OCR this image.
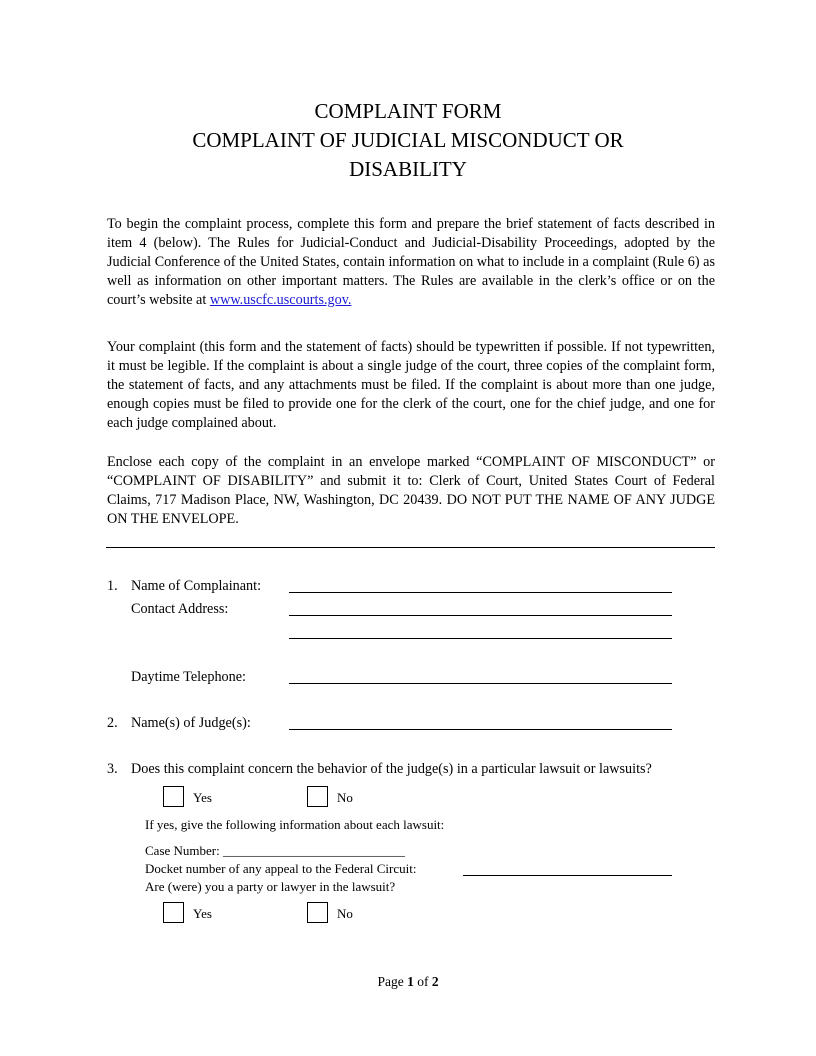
COMPLAINT FORM
COMPLAINT OF JUDICIAL MISCONDUCT OR
DISABILITY
To begin the complaint process, complete this form and prepare the brief statement of facts described in item 4 (below). The Rules for Judicial-Conduct and Judicial-Disability Proceedings, adopted by the Judicial Conference of the United States, contain information on what to include in a complaint (Rule 6) as well as information on other important matters. The Rules are available in the clerk’s office or on the court’s website at www.uscfc.uscourts.gov.
Your complaint (this form and the statement of facts) should be typewritten if possible. If not typewritten, it must be legible. If the complaint is about a single judge of the court, three copies of the complaint form, the statement of facts, and any attachments must be filed. If the complaint is about more than one judge, enough copies must be filed to provide one for the clerk of the court, one for the chief judge, and one for each judge complained about.
Enclose each copy of the complaint in an envelope marked “COMPLAINT OF MISCONDUCT” or “COMPLAINT OF DISABILITY” and submit it to: Clerk of Court, United States Court of Federal Claims, 717 Madison Place, NW, Washington, DC 20439. DO NOT PUT THE NAME OF ANY JUDGE ON THE ENVELOPE.
1. Name of Complainant:
Contact Address:
Daytime Telephone:
2. Name(s) of Judge(s):
3. Does this complaint concern the behavior of the judge(s) in a particular lawsuit or lawsuits?
Yes	No
If yes, give the following information about each lawsuit:
Case Number: ____________________________
Docket number of any appeal to the Federal Circuit:
Are (were) you a party or lawyer in the lawsuit?
Yes	No
Page 1 of 2
